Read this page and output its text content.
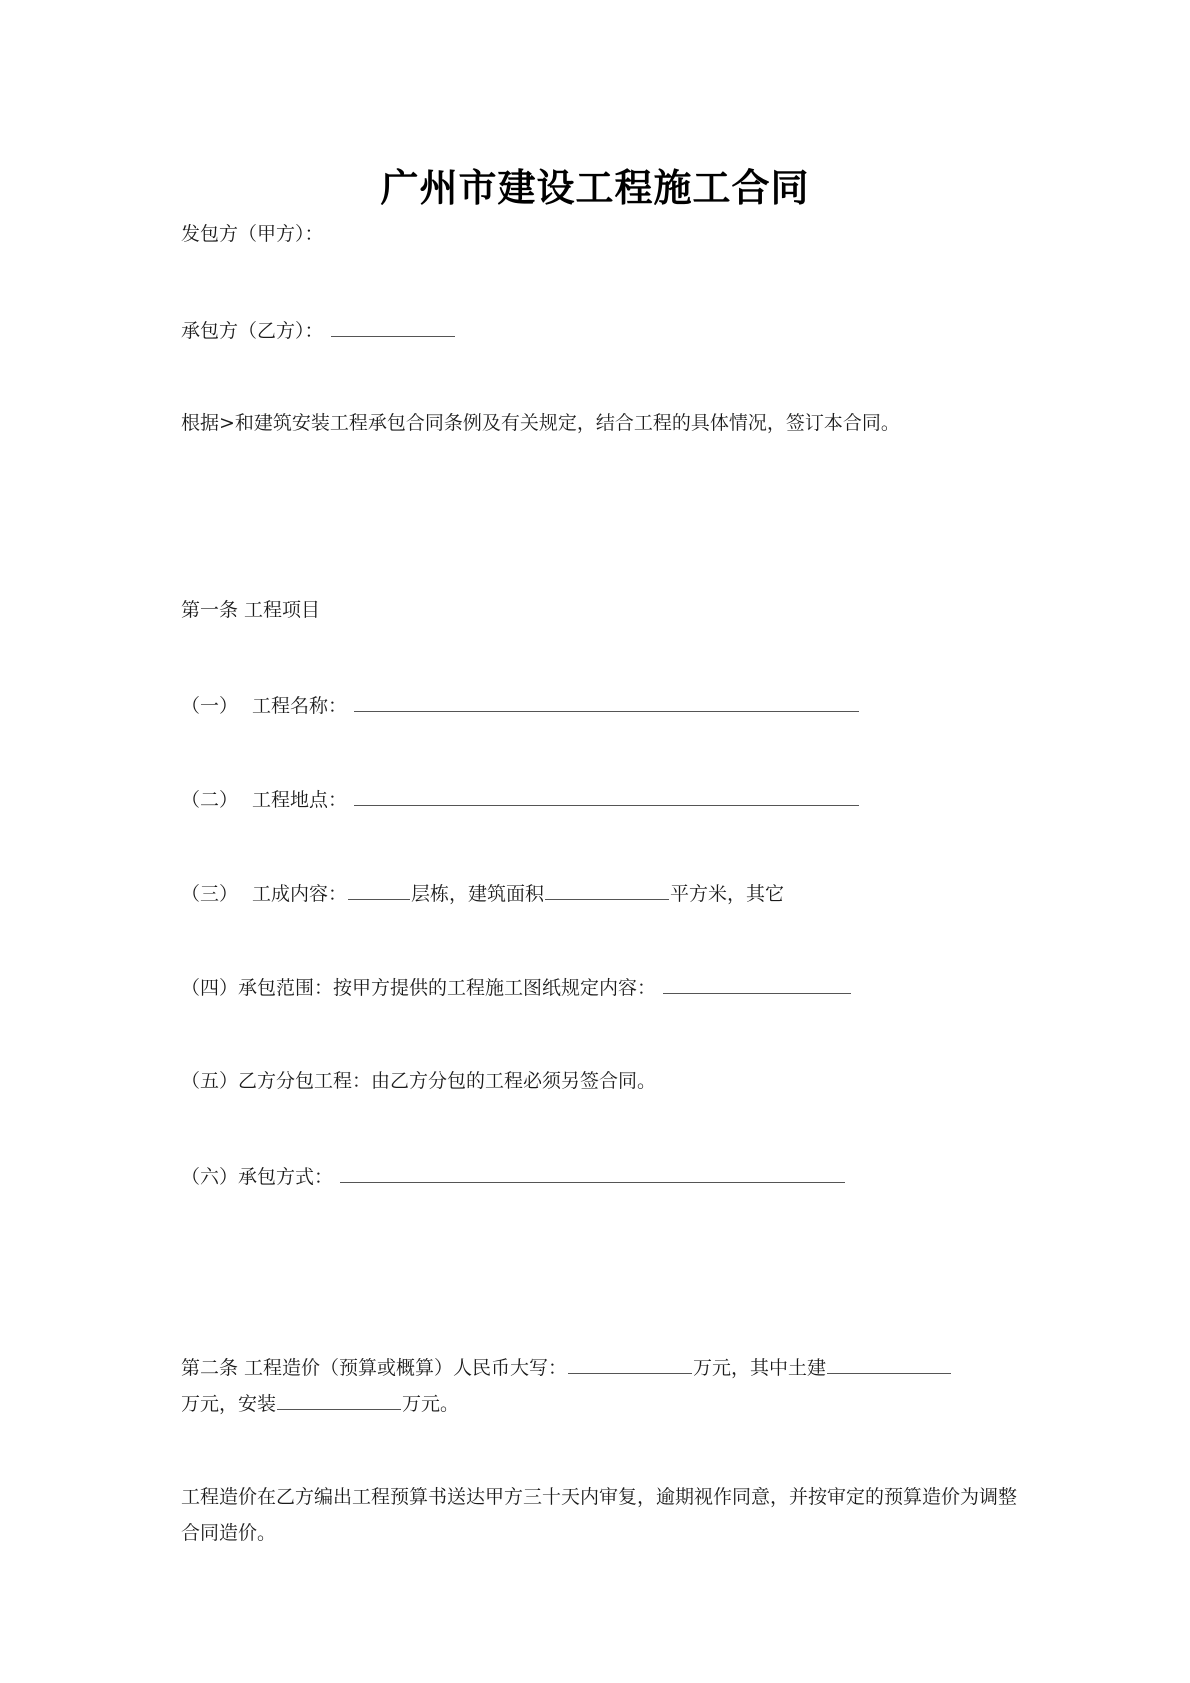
广州市建设工程施工合同
发包方（甲方）：
承包方（乙方）：
根据>和建筑安装工程承包合同条例及有关规定，结合工程的具体情况，签订本合同。
第一条 工程项目
（一） 工程名称：
（二） 工程地点：
（三） 工成内容：	层栋，建筑面积	平方米，其它
（四）承包范围：按甲方提供的工程施工图纸规定内容：
（五）乙方分包工程：由乙方分包的工程必须另签合同。
（六）承包方式：
第二条 工程造价（预算或概算）人民币大写：	万元，其中土建
万元，安装	万元。
工程造价在乙方编出工程预算书送达甲方三十天内审复，逾期视作同意，并按审定的预算造价为调整合同造价。
